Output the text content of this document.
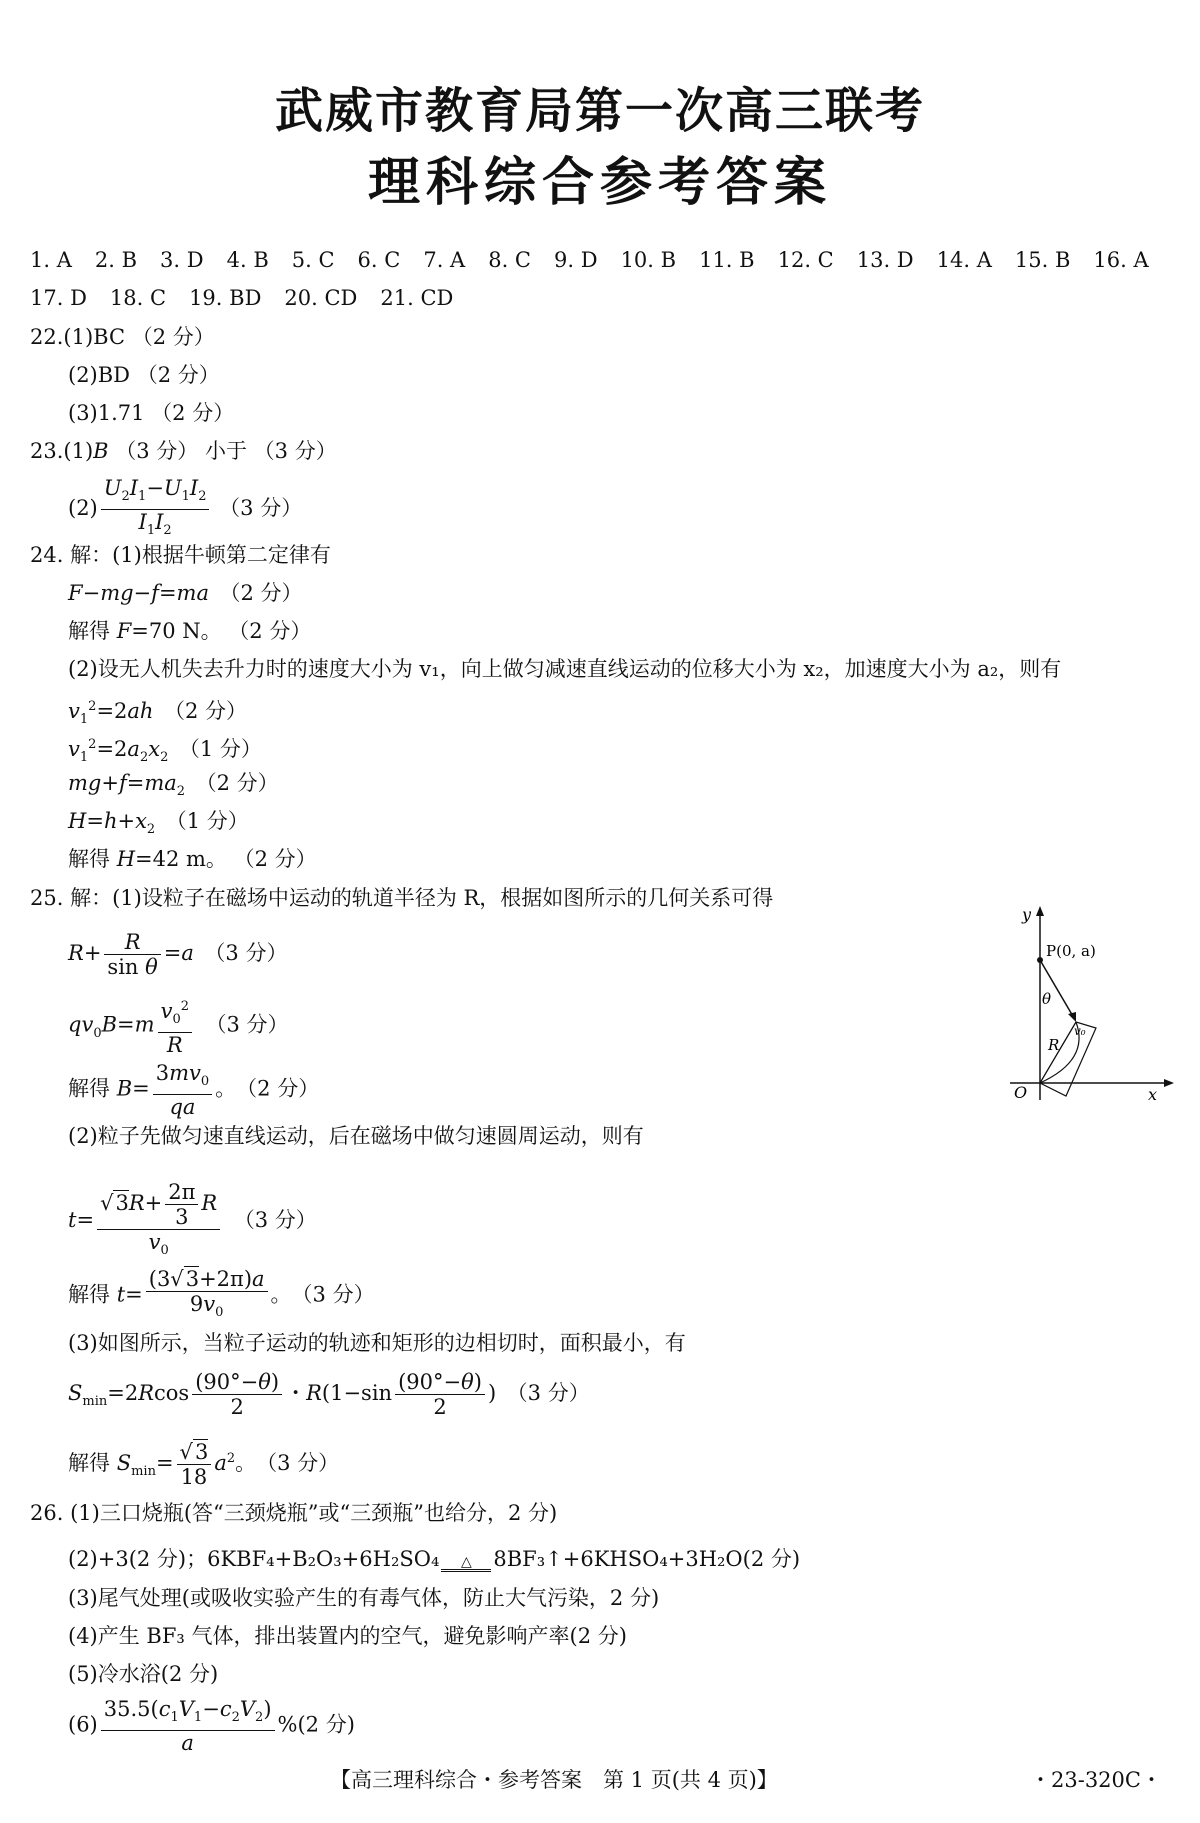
武威市教育局第一次高三联考
理科综合参考答案
1. A 2. B 3. D 4. B 5. C 6. C 7. A 8. C 9. D 10. B 11. B 12. C 13. D 14. A 15. B 16. A
17. D 18. C 19. BD 20. CD 21. CD
22.(1)BC （2 分）
(2)BD （2 分）
(3)1.71 （2 分）
23.(1)B （3 分） 小于 （3 分）
$(2) \frac{U_2I_1-U_1I_2}{I_1I_2} (3$ 分）
24. 解：(1)根据牛顿第二定律有
F−mg−f=ma　 （2 分）
解得 F=70 N。 （2 分）
(2)设无人机失去升力时的速度大小为 v₁，向上做匀减速直线运动的位移大小为 x₂，加速度大小为 a₂，则有
$v_1^2=2ah$　 （2 分）
$v_1^2=2a_2x_2$　 （1 分）
$mg+f=ma_2$　 （2 分）
$H=h+x_2$　 （1 分）
解得 H=42 m。 （2 分）
25. 解：(1)设粒子在磁场中运动的轨道半径为 R，根据如图所示的几何关系可得
$R+ \frac{R}{\text{sin θ}} =a$　 （3 分）
$qv_0B=m \frac{v_0^2}{R}$
　 （3 分）
解得 $B= \frac{3mv_0}{qa}$ 。　（2 分）
(2)粒子先做匀速直线运动，后在磁场中做匀速圆周运动，则有
$t= \frac{√3R+ \frac{2\pi}{3} R}{v_0}$
　 （3 分）
解得 $t= \frac{(3√3+2\pi)a}{9v_0}$ 。　（3 分）
(3)如图所示，当粒子运动的轨迹和矩形的边相切时，面积最小，有
$S_{min}=2Rcos \frac{(90^\circ-\theta)}{2}$ ・$R(1-\sin \frac{(90^\circ-\theta)}{2}$ )　（3 分）
解得 $S_{min}= \frac{√3}{18} a^2$。　（3 分）
26. (1)三口烧瓶(答“三颈烧瓶”或“三颈瓶”也给分，2 分)
(2)+3(2 分)；6KBF₄+B₂O₃+6H₂SO₄ △ 8BF₃↑+6KHSO₄+3H₂O(2 分)
(3)尾气处理(或吸收实验产生的有毒气体，防止大气污染，2 分)
(4)产生 BF₃ 气体，排出装置内的空气，避免影响产率(2 分)
(5)冷水浴(2 分)
$(6) \frac{35.5(c_1V_1-c_2V_2)}{a} \%(2$ 分)
y
x
O
P(0, a)
θ
R
v₀
【高三理科综合・参考答案　第 1 页(共 4 页)】	・23-320C・
